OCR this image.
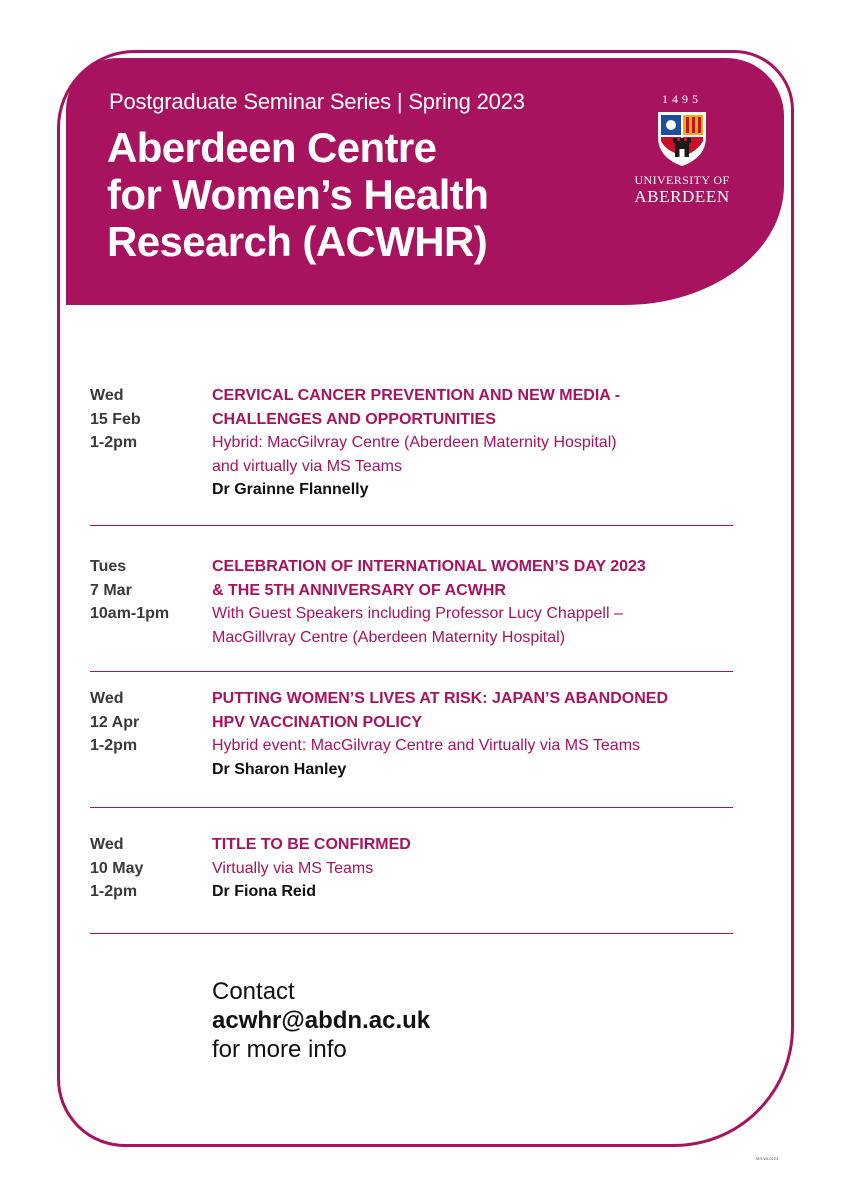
Postgraduate Seminar Series | Spring 2023
Aberdeen Centre
for Women’s Health
Research (ACWHR)
1495
UNIVERSITY OF
ABERDEEN
Wed
15 Feb
1-2pm
CERVICAL CANCER PREVENTION AND NEW MEDIA -
CHALLENGES AND OPPORTUNITIES
Hybrid: MacGilvray Centre (Aberdeen Maternity Hospital)
and virtually via MS Teams
Dr Grainne Flannelly
Tues
7 Mar
10am-1pm
CELEBRATION OF INTERNATIONAL WOMEN’S DAY 2023
& THE 5TH ANNIVERSARY OF ACWHR
With Guest Speakers including Professor Lucy Chappell –
MacGillvray Centre (Aberdeen Maternity Hospital)
Wed
12 Apr
1-2pm
PUTTING WOMEN’S LIVES AT RISK: JAPAN’S ABANDONED
HPV VACCINATION POLICY
Hybrid event: MacGilvray Centre and Virtually via MS Teams
Dr Sharon Hanley
Wed
10 May
1-2pm
TITLE TO BE CONFIRMED
Virtually via MS Teams
Dr Fiona Reid
Contact
acwhr@abdn.ac.uk
for more info
MS-WL0123
